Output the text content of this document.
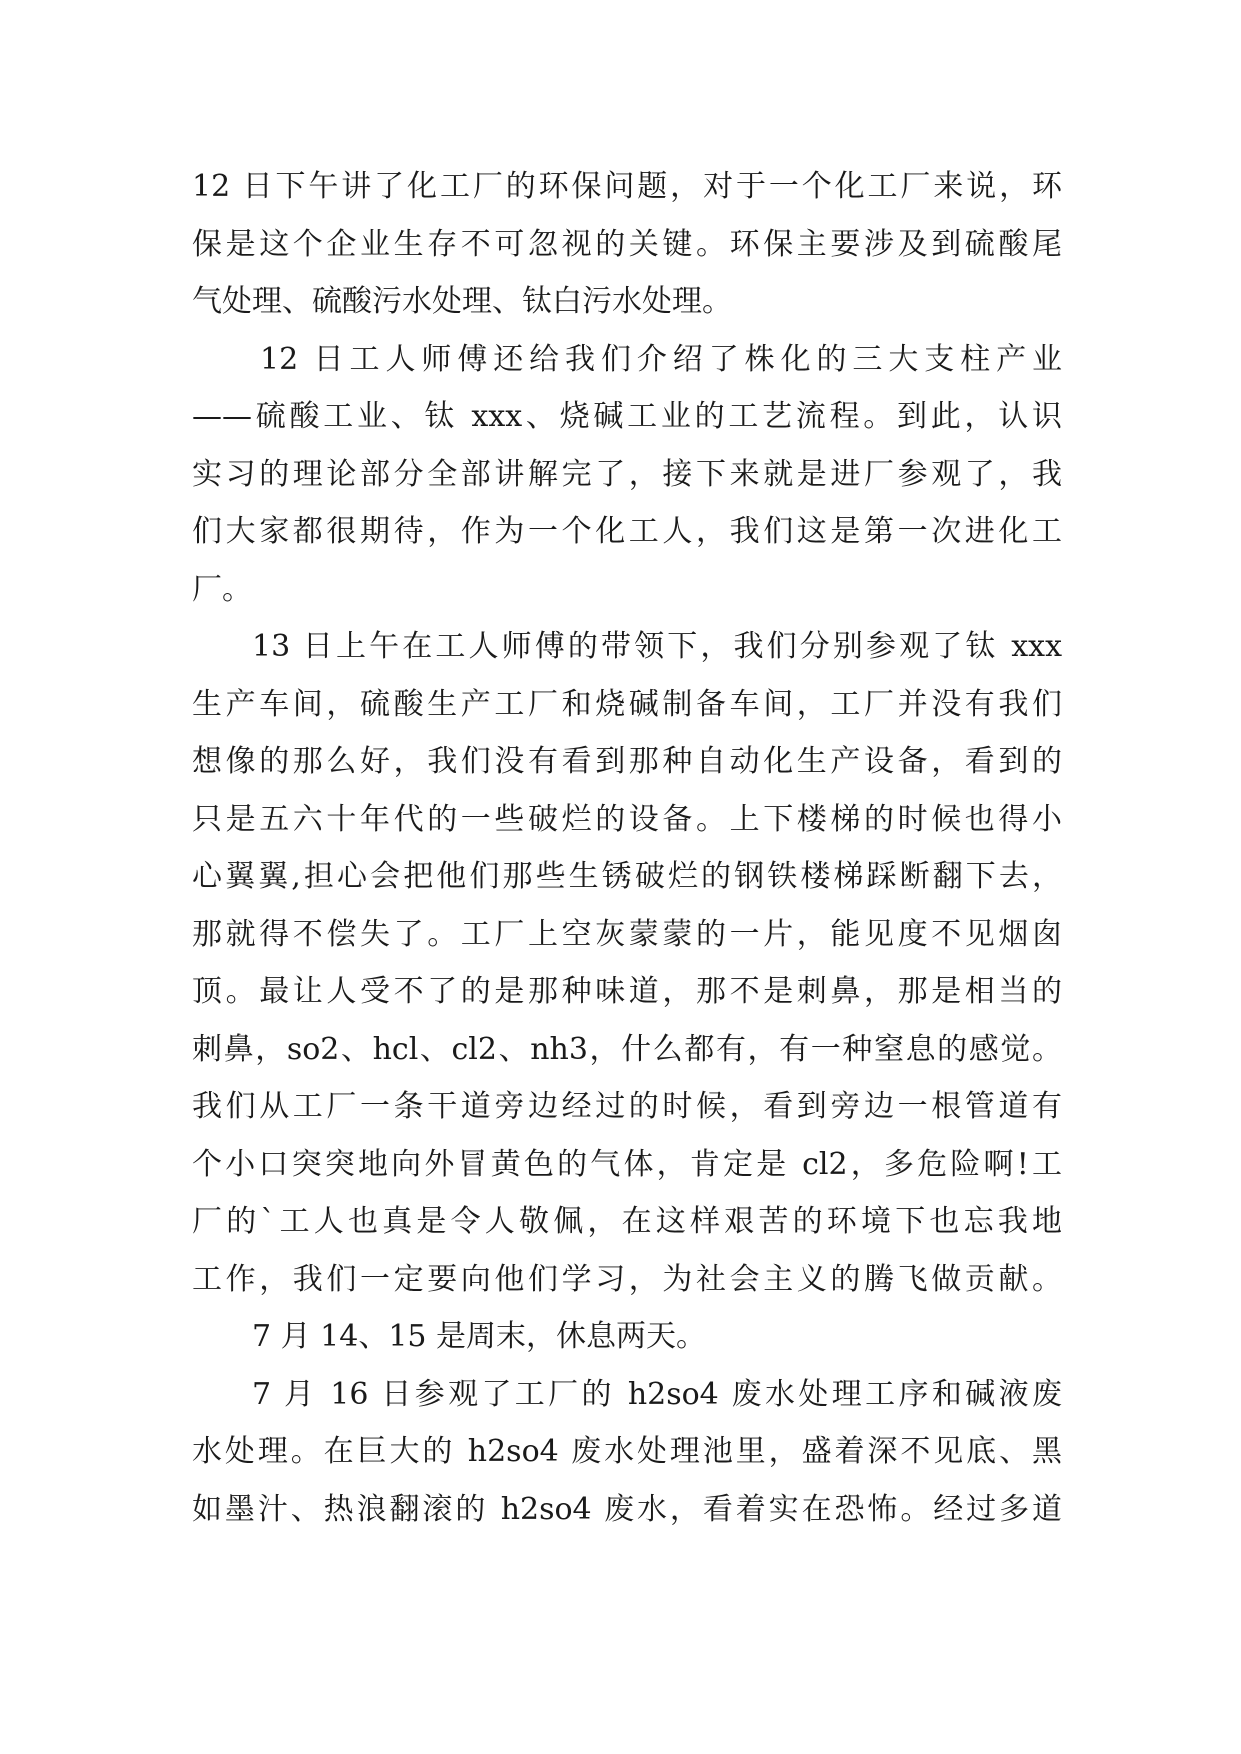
12 日下午讲了化工厂的环保问题，对于一个化工厂来说，环
保是这个企业生存不可忽视的关键。环保主要涉及到硫酸尾
气处理、硫酸污水处理、钛白污水处理。
12 日工人师傅还给我们介绍了株化的三大支柱产业
——硫酸工业、钛 xxx、烧碱工业的工艺流程。到此，认识
实习的理论部分全部讲解完了，接下来就是进厂参观了，我
们大家都很期待，作为一个化工人，我们这是第一次进化工
厂。
13 日上午在工人师傅的带领下，我们分别参观了钛 xxx
生产车间，硫酸生产工厂和烧碱制备车间，工厂并没有我们
想像的那么好，我们没有看到那种自动化生产设备，看到的
只是五六十年代的一些破烂的设备。上下楼梯的时候也得小
心翼翼,担心会把他们那些生锈破烂的钢铁楼梯踩断翻下去，
那就得不偿失了。工厂上空灰蒙蒙的一片，能见度不见烟囱
顶。最让人受不了的是那种味道，那不是刺鼻，那是相当的
刺鼻，so2、hcl、cl2、nh3，什么都有，有一种窒息的感觉。
我们从工厂一条干道旁边经过的时候，看到旁边一根管道有
个小口突突地向外冒黄色的气体，肯定是 cl2，多危险啊!工
厂的`工人也真是令人敬佩，在这样艰苦的环境下也忘我地
工作，我们一定要向他们学习，为社会主义的腾飞做贡献。
7 月 14、15 是周末，休息两天。
7 月 16 日参观了工厂的 h2so4 废水处理工序和碱液废
水处理。在巨大的 h2so4 废水处理池里，盛着深不见底、黑
如墨汁、热浪翻滚的 h2so4 废水，看着实在恐怖。经过多道
